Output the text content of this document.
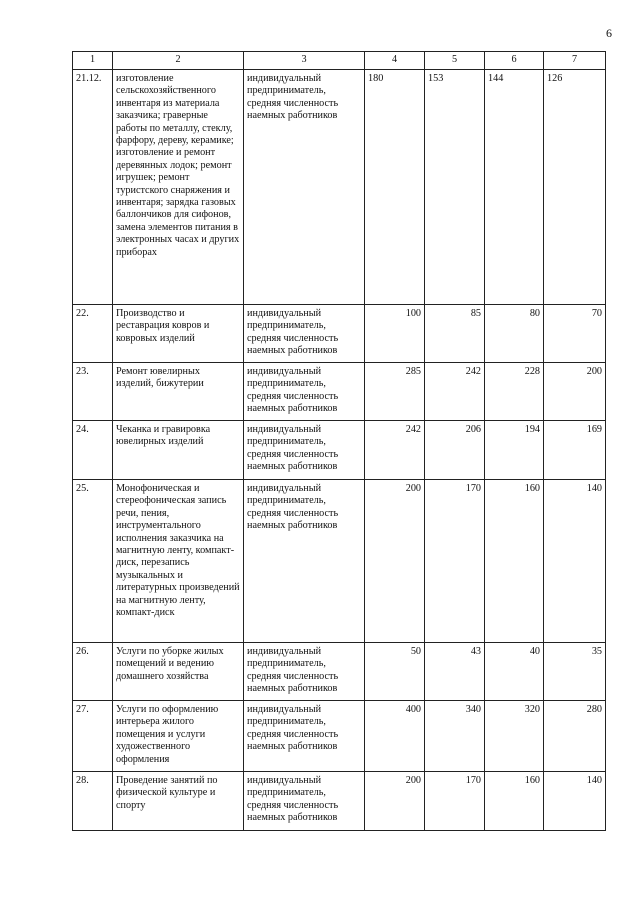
6
1	2	3	4	5	6	7
21.12.	изготовление сельскохозяйственного инвентаря из материала заказчика; граверные работы по металлу, стеклу, фарфору, дереву, керамике; изготовление и ремонт деревянных лодок; ремонт игрушек; ремонт туристского снаряжения и инвентаря; зарядка газовых баллончиков для сифонов, замена элементов питания в электронных часах и других приборах	индивидуальный предприниматель, средняя численность наемных работников	180	153	144	126
22.	Производство и реставрация ковров и ковровых изделий	индивидуальный предприниматель, средняя численность наемных работников	100	85	80	70
23.	Ремонт ювелирных изделий, бижутерии	индивидуальный предприниматель, средняя численность наемных работников	285	242	228	200
24.	Чеканка и гравировка ювелирных изделий	индивидуальный предприниматель, средняя численность наемных работников	242	206	194	169
25.	Монофоническая и стереофоническая запись речи, пения, инструментального исполнения заказчика на магнитную ленту, компакт-диск, перезапись музыкальных и литературных произведений на магнитную ленту, компакт-диск	индивидуальный предприниматель, средняя численность наемных работников	200	170	160	140
26.	Услуги по уборке жилых помещений и ведению домашнего хозяйства	индивидуальный предприниматель, средняя численность наемных работников	50	43	40	35
27.	Услуги по оформлению интерьера жилого помещения и услуги художественного оформления	индивидуальный предприниматель, средняя численность наемных работников	400	340	320	280
28.	Проведение занятий по физической культуре и спорту	индивидуальный предприниматель, средняя численность наемных работников	200	170	160	140
